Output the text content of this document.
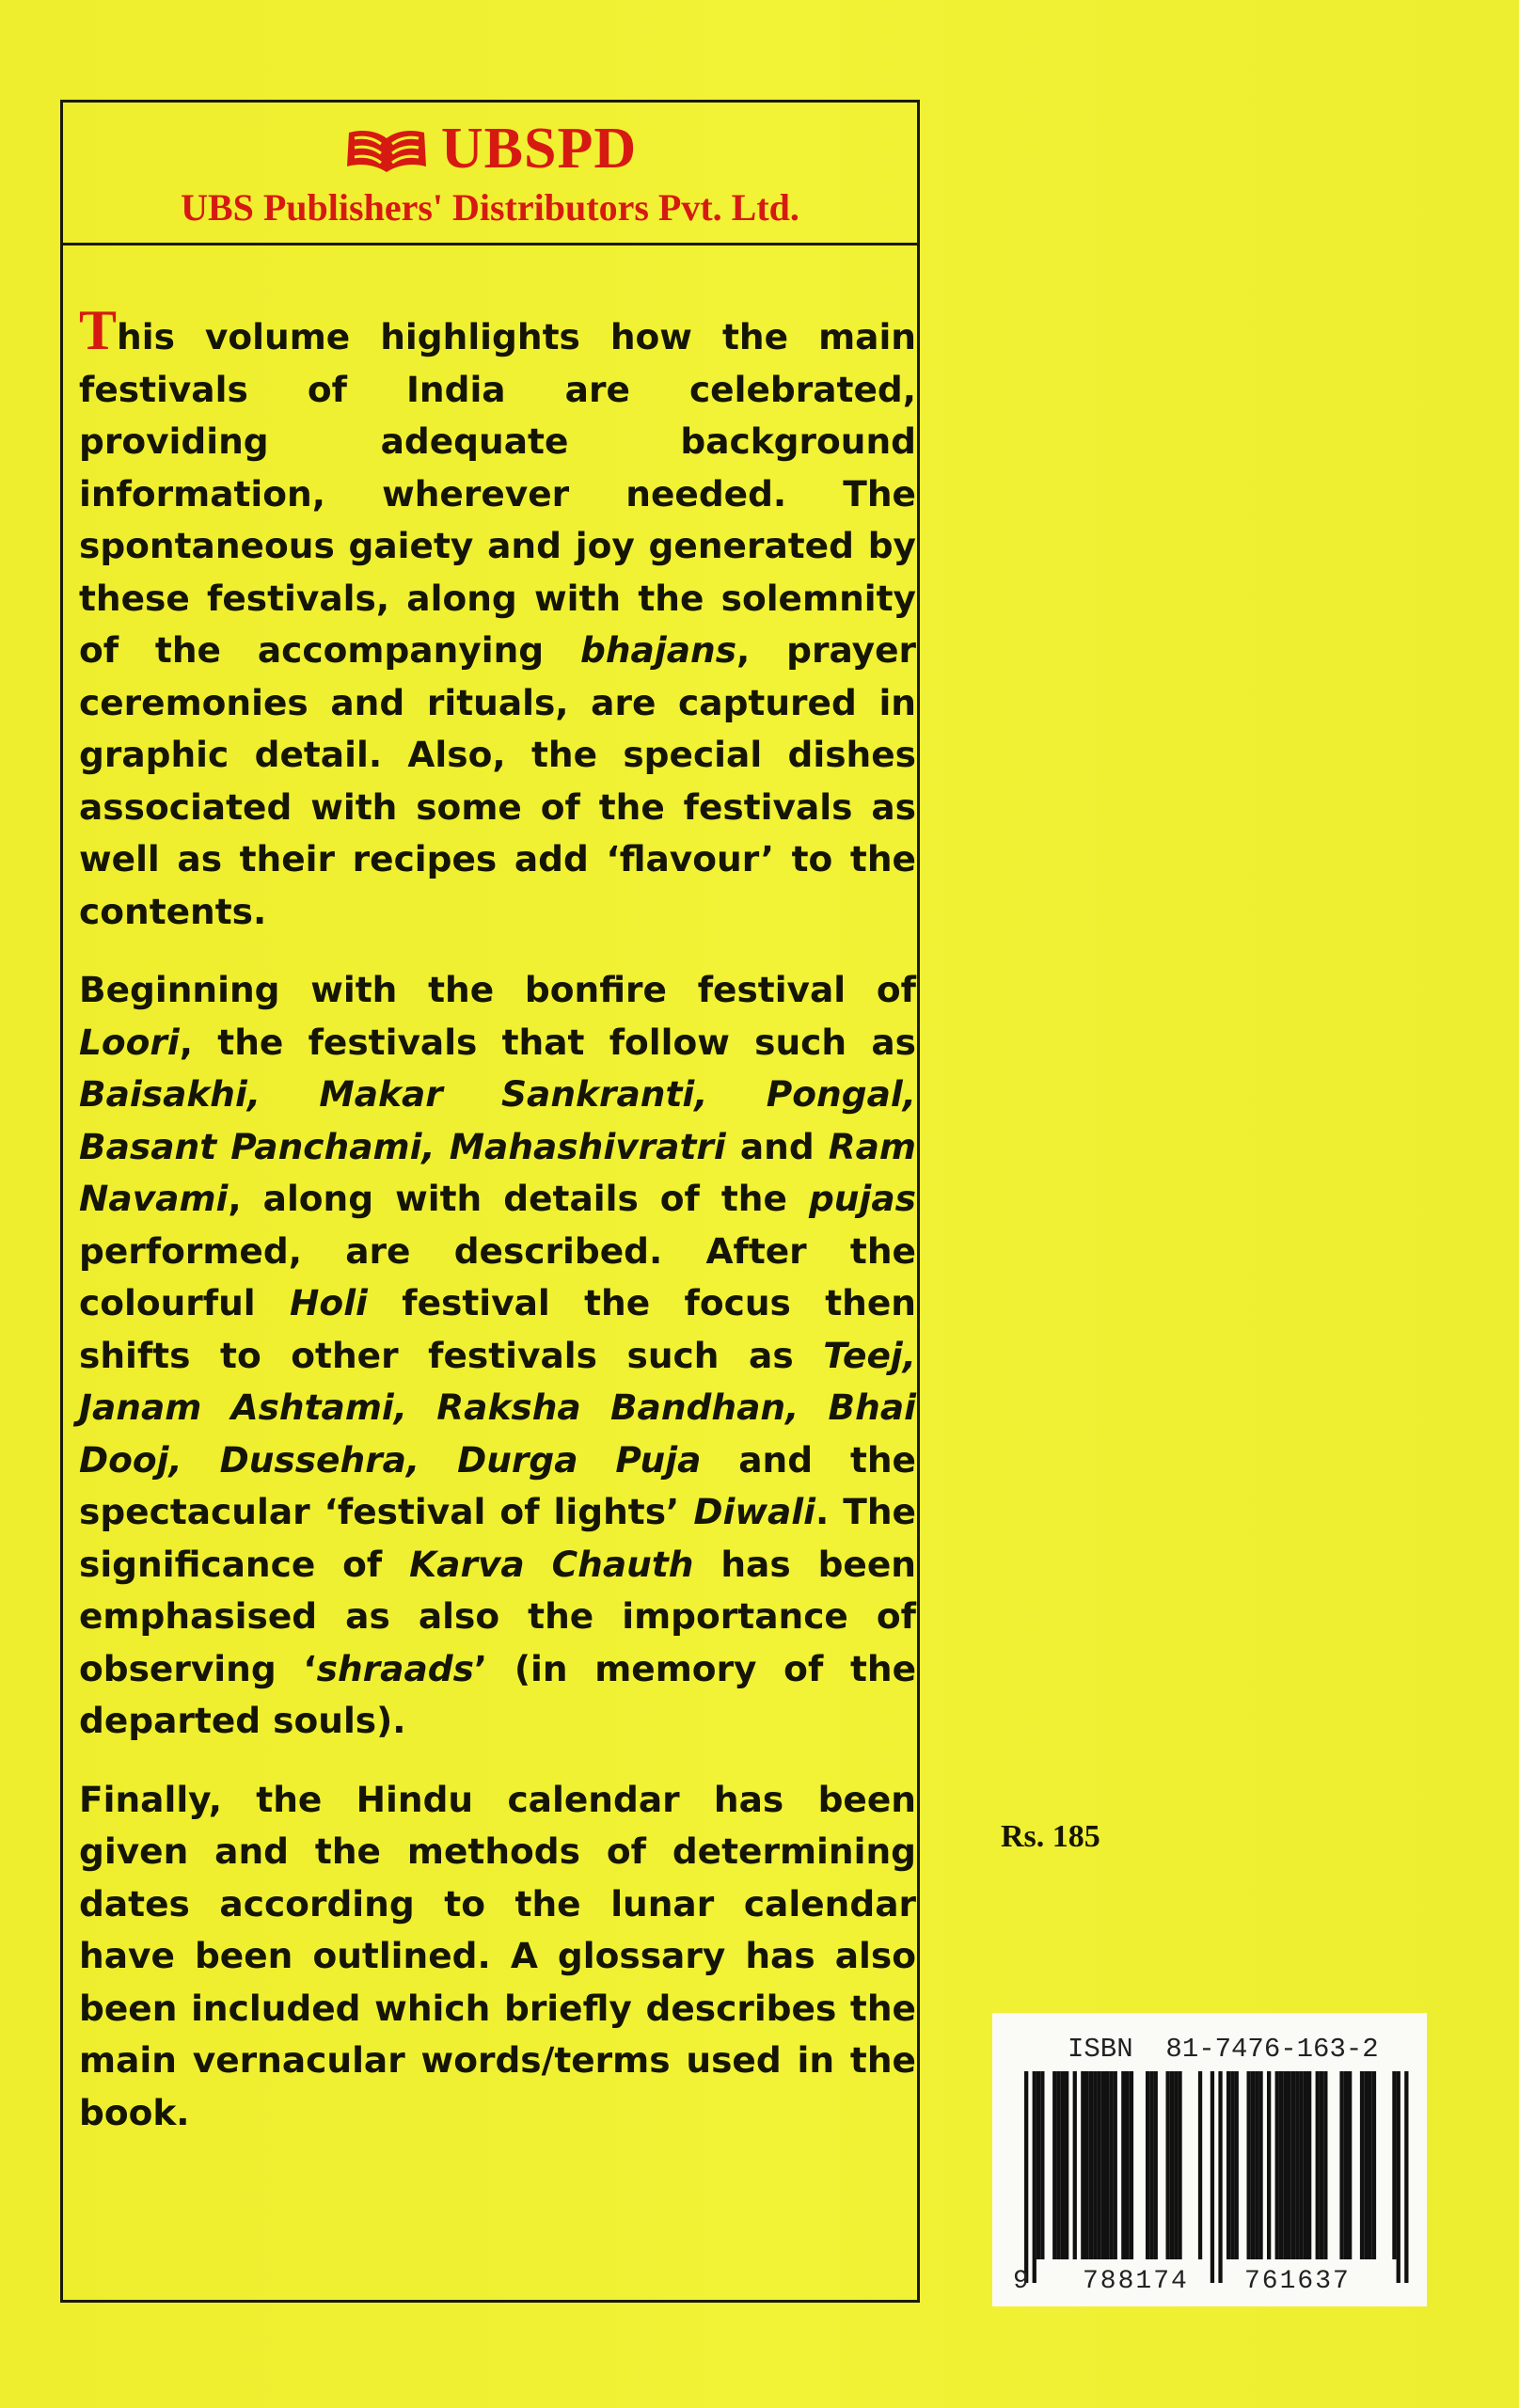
UBSPD
UBS Publishers' Distributors Pvt. Ltd.

This volume highlights how the main festivals of India are celebrated, providing adequate background information, wherever needed. The spontaneous gaiety and joy generated by these festivals, along with the solemnity of the accompanying bhajans, prayer ceremonies and rituals, are captured in graphic detail. Also, the special dishes associated with some of the festivals as well as their recipes add ‘flavour’ to the contents.

Beginning with the bonfire festival of Loori, the festivals that follow such as Baisakhi, Makar Sankranti, Pongal, Basant Panchami, Mahashivratri and Ram Navami, along with details of the pujas performed, are described. After the colourful Holi festival the focus then shifts to other festivals such as Teej, Janam Ashtami, Raksha Bandhan, Bhai Dooj, Dussehra, Durga Puja and the spectacular ‘festival of lights’ Diwali. The significance of Karva Chauth has been emphasised as also the importance of observing ‘shraads’ (in memory of the departed souls).

Finally, the Hindu calendar has been given and the methods of determining dates according to the lunar calendar have been outlined. A glossary has also been included which briefly describes the main vernacular words/terms used in the book.

Rs. 185
ISBN  81-7476-163-2
9 788174 761637
